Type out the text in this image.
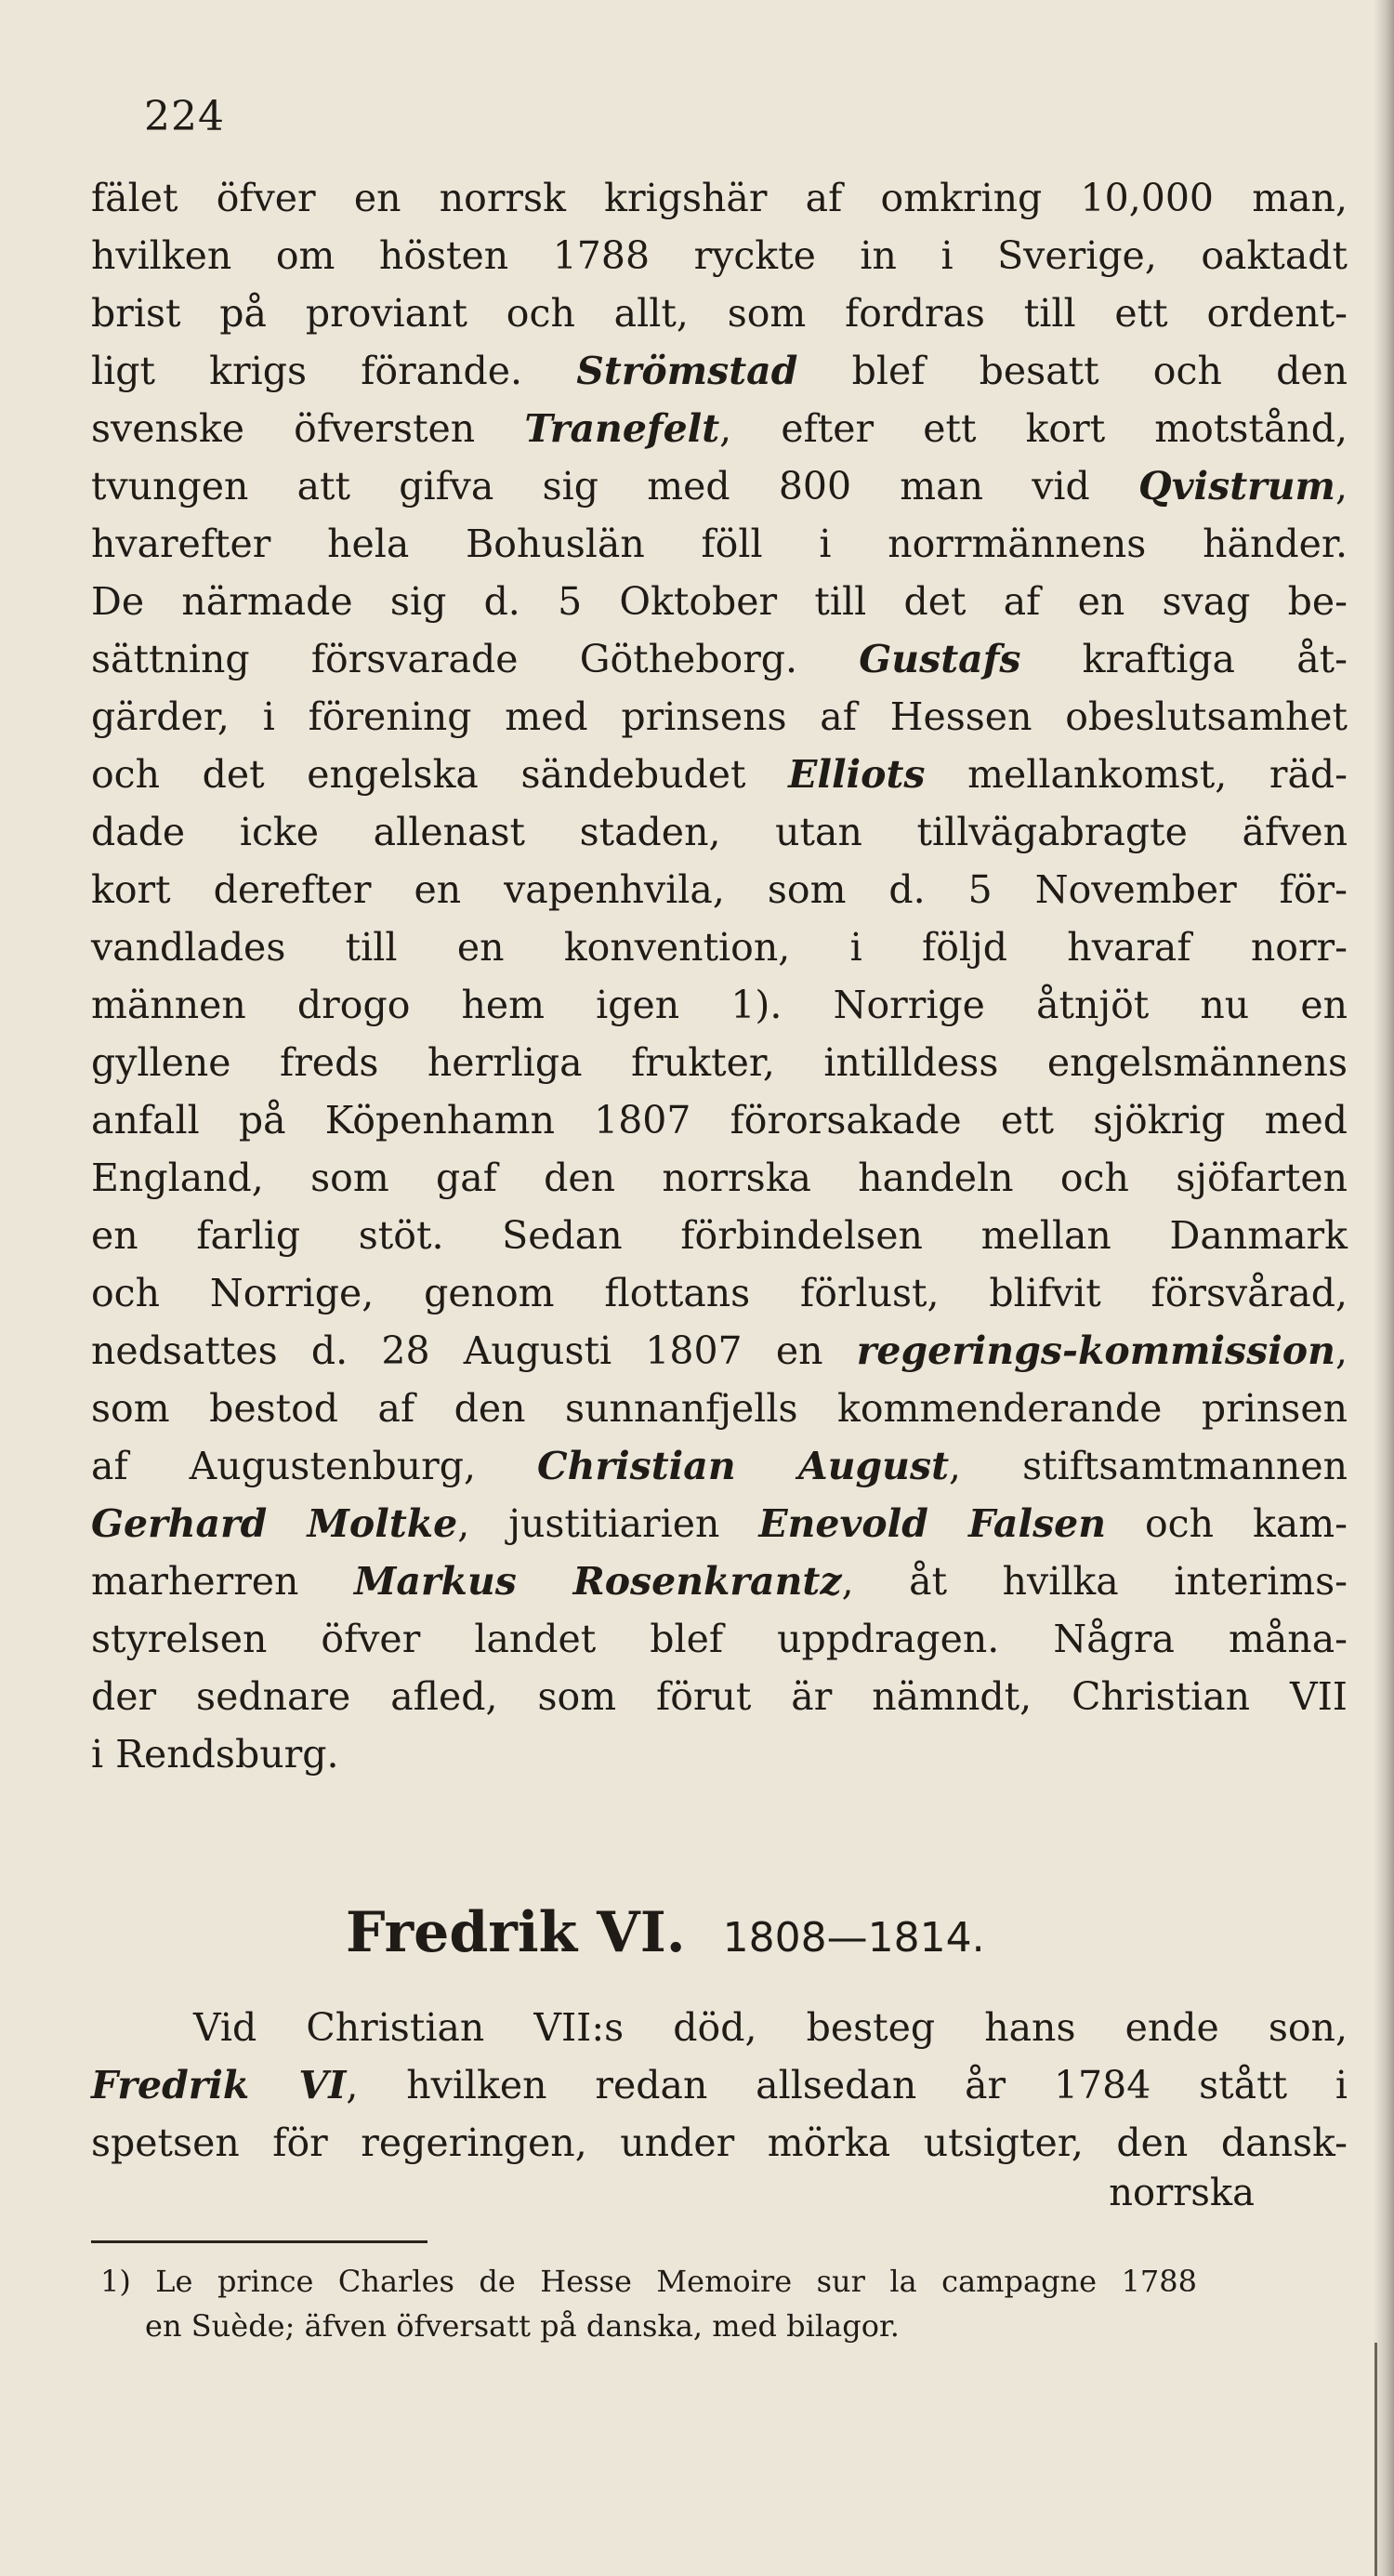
224
fälet öfver en norrsk krigshär af omkring 10,000 man,
hvilken om hösten 1788 ryckte in i Sverige, oaktadt
brist på proviant och allt, som fordras till ett ordent-
ligt krigs förande. Strömstad blef besatt och den
svenske öfversten Tranefelt, efter ett kort motstånd,
tvungen att gifva sig med 800 man vid Qvistrum,
hvarefter hela Bohuslän föll i norrmännens händer.
De närmade sig d. 5 Oktober till det af en svag be-
sättning försvarade Götheborg. Gustafs kraftiga åt-
gärder, i förening med prinsens af Hessen obeslutsamhet
och det engelska sändebudet Elliots mellankomst, räd-
dade icke allenast staden, utan tillvägabragte äfven
kort derefter en vapenhvila, som d. 5 November för-
vandlades till en konvention, i följd hvaraf norr-
männen drogo hem igen 1). Norrige åtnjöt nu en
gyllene freds herrliga frukter, intilldess engelsmännens
anfall på Köpenhamn 1807 förorsakade ett sjökrig med
England, som gaf den norrska handeln och sjöfarten
en farlig stöt. Sedan förbindelsen mellan Danmark
och Norrige, genom flottans förlust, blifvit försvårad,
nedsattes d. 28 Augusti 1807 en regerings-kommission,
som bestod af den sunnanfjells kommenderande prinsen
af Augustenburg, Christian August, stiftsamtmannen
Gerhard Moltke, justitiarien Enevold Falsen och kam-
marherren Markus Rosenkrantz, åt hvilka interims-
styrelsen öfver landet blef uppdragen. Några måna-
der sednare afled, som förut är nämndt, Christian VII
i Rendsburg.
Fredrik VI. 1808—1814.
Vid Christian VII:s död, besteg hans ende son,
Fredrik VI, hvilken redan allsedan år 1784 stått i
spetsen för regeringen, under mörka utsigter, den dansk-
norrska
1) Le prince Charles de Hesse Memoire sur la campagne 1788
en Suède; äfven öfversatt på danska, med bilagor.
